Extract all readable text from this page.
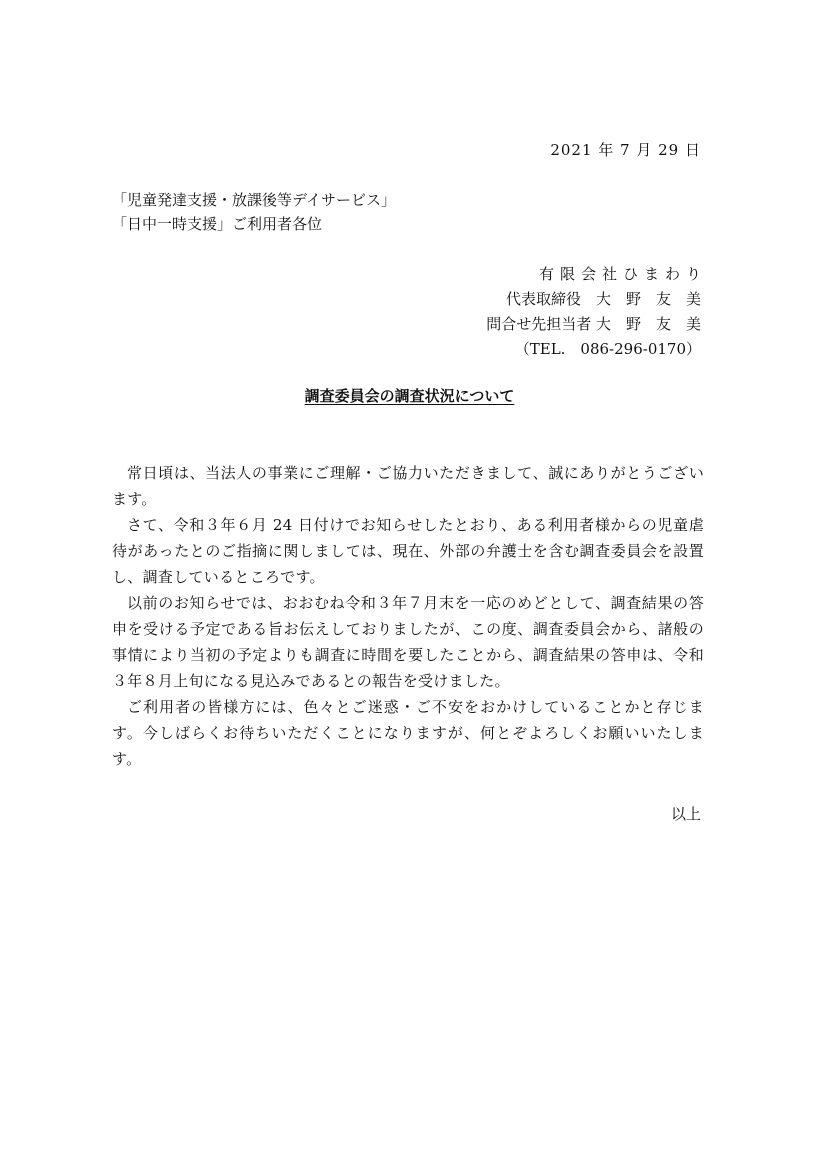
2021 年 7 月 29 日
「児童発達支援・放課後等デイサービス」
「日中一時支援」ご利用者各位
有限会社ひまわり
代表取締役　大　野　友　美
問合せ先担当者 大　野　友　美
（TEL.　086-296-0170）
調査委員会の調査状況について

常日頃は、当法人の事業にご理解・ご協力いただきまして、誠にありがとうございます。

さて、令和３年６月 24 日付けでお知らせしたとおり、ある利用者様からの児童虐待があったとのご指摘に関しましては、現在、外部の弁護士を含む調査委員会を設置し、調査しているところです。

以前のお知らせでは、おおむね令和３年７月末を一応のめどとして、調査結果の答申を受ける予定である旨お伝えしておりましたが、この度、調査委員会から、諸般の事情により当初の予定よりも調査に時間を要したことから、調査結果の答申は、令和３年８月上旬になる見込みであるとの報告を受けました。

ご利用者の皆様方には、色々とご迷惑・ご不安をおかけしていることかと存じます。今しばらくお待ちいただくことになりますが、何とぞよろしくお願いいたします。

以上
